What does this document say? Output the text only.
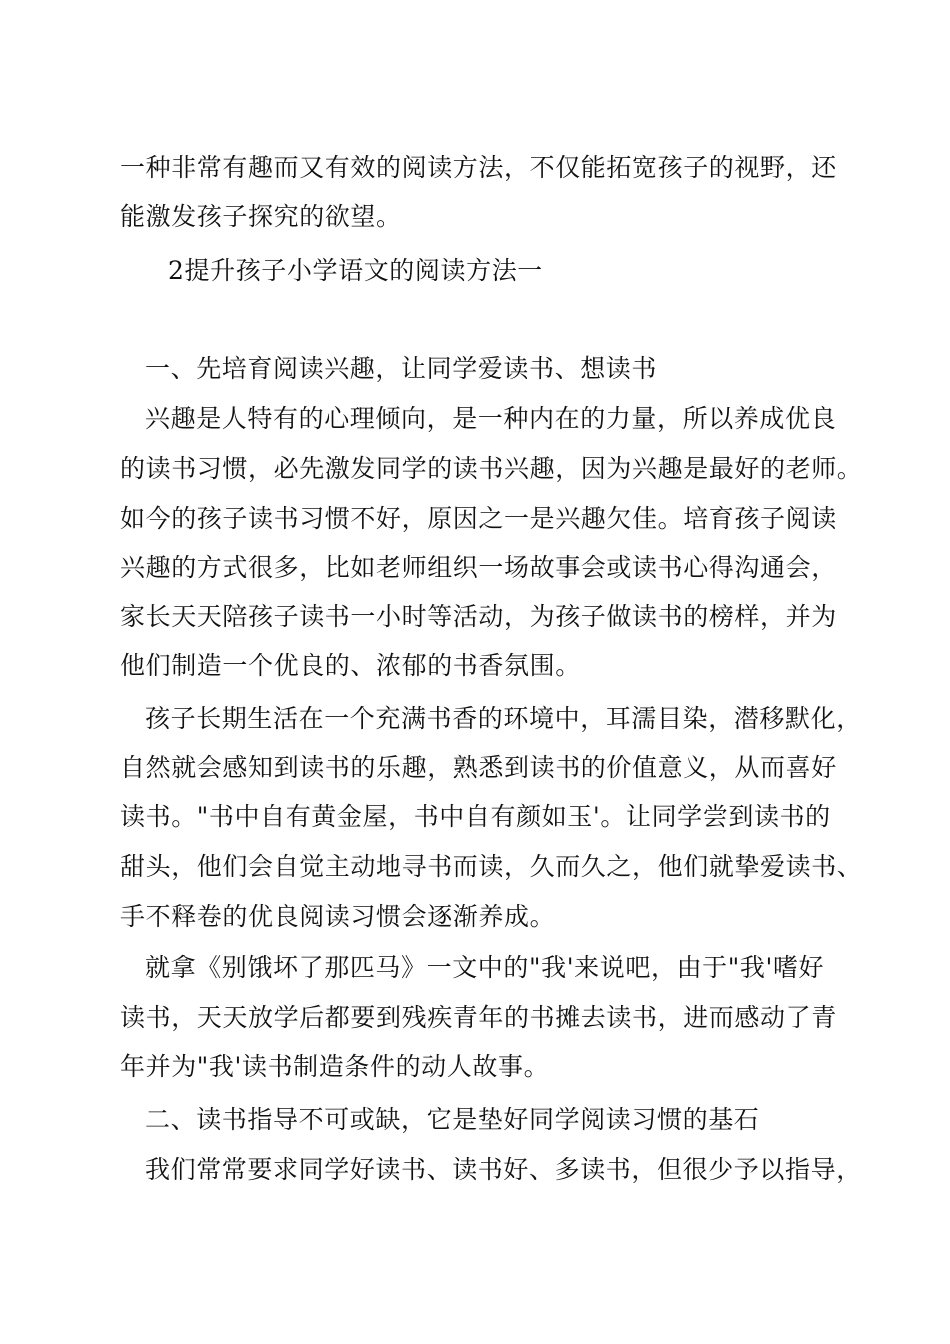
一种非常有趣而又有效的阅读方法，不仅能拓宽孩子的视野，还
能激发孩子探究的欲望。
2提升孩子小学语文的阅读方法一
一、先培育阅读兴趣，让同学爱读书、想读书
兴趣是人特有的心理倾向，是一种内在的力量，所以养成优良
的读书习惯，必先激发同学的读书兴趣，因为兴趣是最好的老师。
如今的孩子读书习惯不好，原因之一是兴趣欠佳。培育孩子阅读
兴趣的方式很多，比如老师组织一场故事会或读书心得沟通会，
家长天天陪孩子读书一小时等活动，为孩子做读书的榜样，并为
他们制造一个优良的、浓郁的书香氛围。
孩子长期生活在一个充满书香的环境中，耳濡目染，潜移默化，
自然就会感知到读书的乐趣，熟悉到读书的价值意义，从而喜好
读书。"书中自有黄金屋，书中自有颜如玉'。让同学尝到读书的
甜头，他们会自觉主动地寻书而读，久而久之，他们就挚爱读书、
手不释卷的优良阅读习惯会逐渐养成。
就拿《别饿坏了那匹马》一文中的"我'来说吧，由于"我'嗜好
读书，天天放学后都要到残疾青年的书摊去读书，进而感动了青
年并为"我'读书制造条件的动人故事。
二、读书指导不可或缺，它是垫好同学阅读习惯的基石
我们常常要求同学好读书、读书好、多读书，但很少予以指导，
